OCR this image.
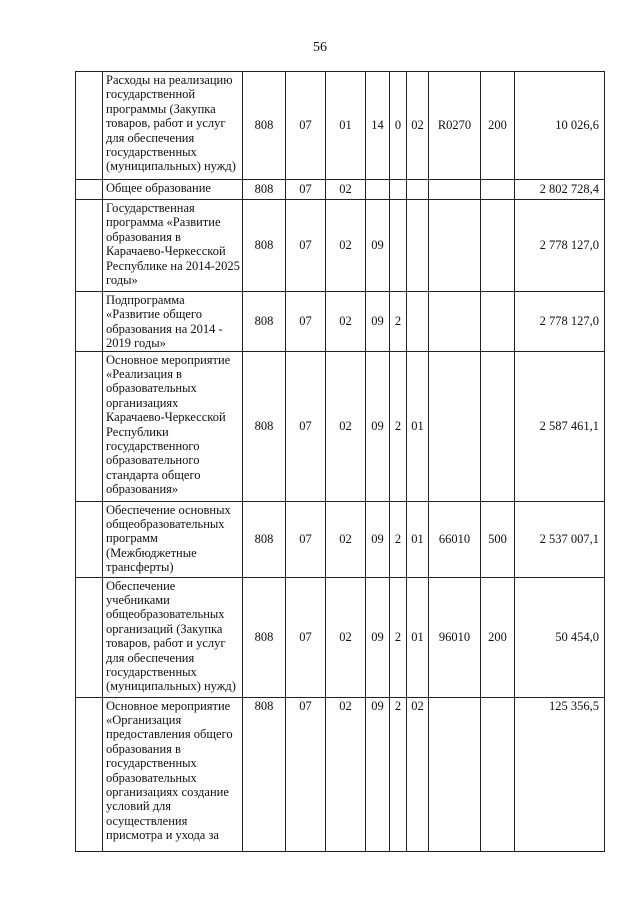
56
	Расходы на реализацию государственной программы (Закупка товаров, работ и услуг для обеспечения государственных (муниципальных) нужд)	808	07	01	14	0	02	R0270	200	10 026,6
	Общее образование	808	07	02						2 802 728,4
	Государственная программа «Развитие образования в Карачаево-Черкесской Республике на 2014-2025 годы»	808	07	02	09					2 778 127,0
	Подпрограмма «Развитие общего образования на 2014 - 2019 годы»	808	07	02	09	2				2 778 127,0
	Основное мероприятие «Реализация в образовательных организациях Карачаево-Черкесской Республики государственного образовательного стандарта общего образования»	808	07	02	09	2	01			2 587 461,1
	Обеспечение основных общеобразовательных программ (Межбюджетные трансферты)	808	07	02	09	2	01	66010	500	2 537 007,1
	Обеспечение учебниками общеобразовательных организаций (Закупка товаров, работ и услуг для обеспечения государственных (муниципальных) нужд)	808	07	02	09	2	01	96010	200	50 454,0
	Основное мероприятие «Организация предоставления общего образования в государственных образовательных организациях создание условий для осуществления присмотра и ухода за	808	07	02	09	2	02			125 356,5
